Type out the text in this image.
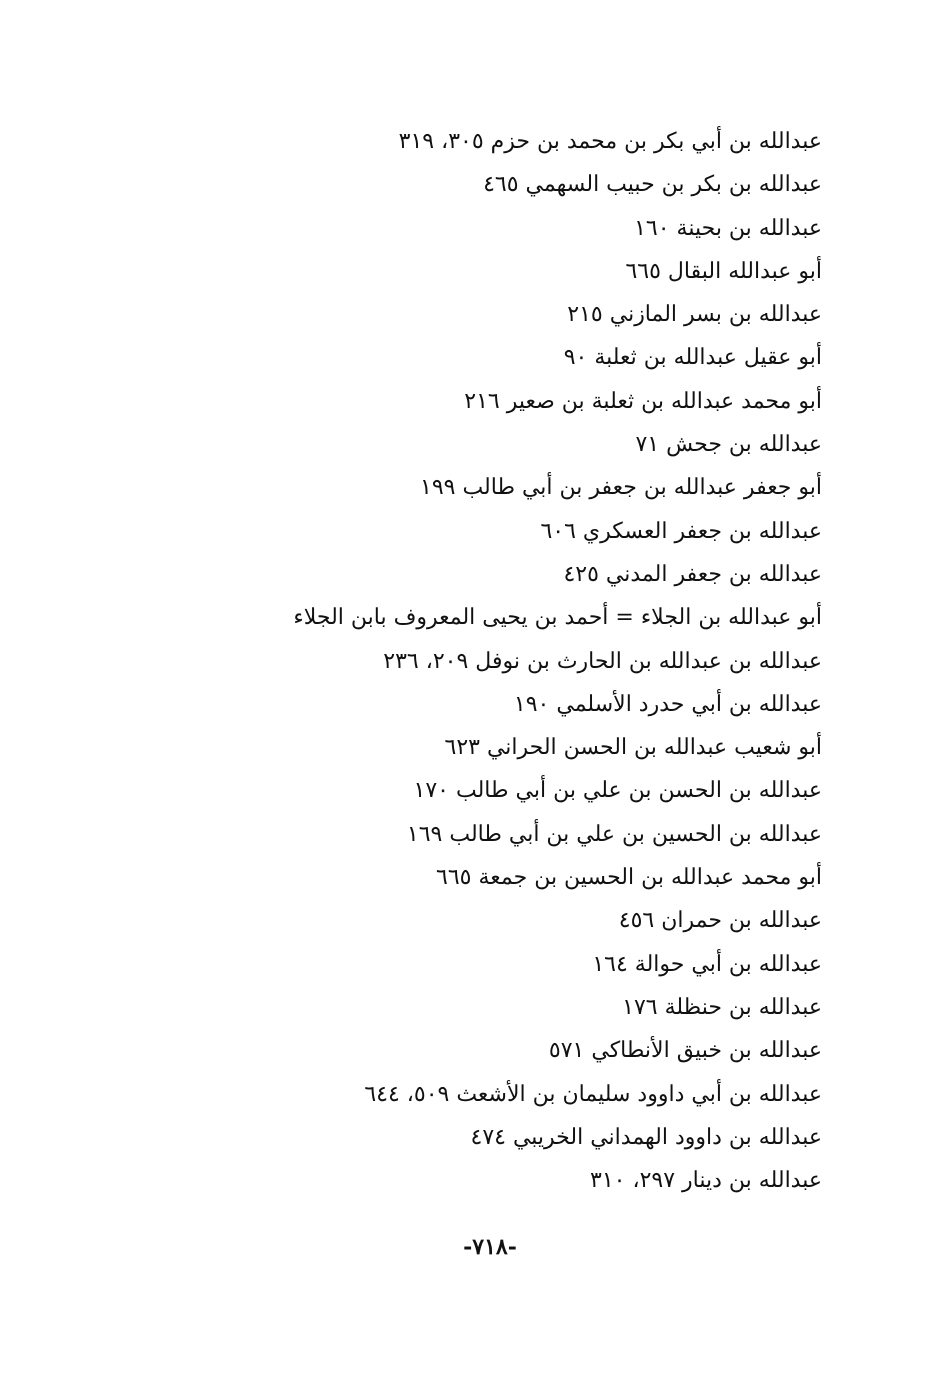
عبدالله بن أبي بكر بن محمد بن حزم ٣٠٥، ٣١٩
عبدالله بن بكر بن حبيب السهمي ٤٦٥
عبدالله بن بحينة ١٦٠
أبو عبدالله البقال ٦٦٥
عبدالله بن بسر المازني ٢١٥
أبو عقيل عبدالله بن ثعلبة ٩٠
أبو محمد عبدالله بن ثعلبة بن صعير ٢١٦
عبدالله بن جحش ٧١
أبو جعفر عبدالله بن جعفر بن أبي طالب ١٩٩
عبدالله بن جعفر العسكري ٦٠٦
عبدالله بن جعفر المدني ٤٢٥
أبو عبدالله بن الجلاء = أحمد بن يحيى المعروف بابن الجلاء
عبدالله بن عبدالله بن الحارث بن نوفل ٢٠٩، ٢٣٦
عبدالله بن أبي حدرد الأسلمي ١٩٠
أبو شعيب عبدالله بن الحسن الحراني ٦٢٣
عبدالله بن الحسن بن علي بن أبي طالب ١٧٠
عبدالله بن الحسين بن علي بن أبي طالب ١٦٩
أبو محمد عبدالله بن الحسين بن جمعة ٦٦٥
عبدالله بن حمران ٤٥٦
عبدالله بن أبي حوالة ١٦٤
عبدالله بن حنظلة ١٧٦
عبدالله بن خبيق الأنطاكي ٥٧١
عبدالله بن أبي داوود سليمان بن الأشعث ٥٠٩، ٦٤٤
عبدالله بن داوود الهمداني الخريبي ٤٧٤
عبدالله بن دينار ٢٩٧، ٣١٠
-٧١٨-
